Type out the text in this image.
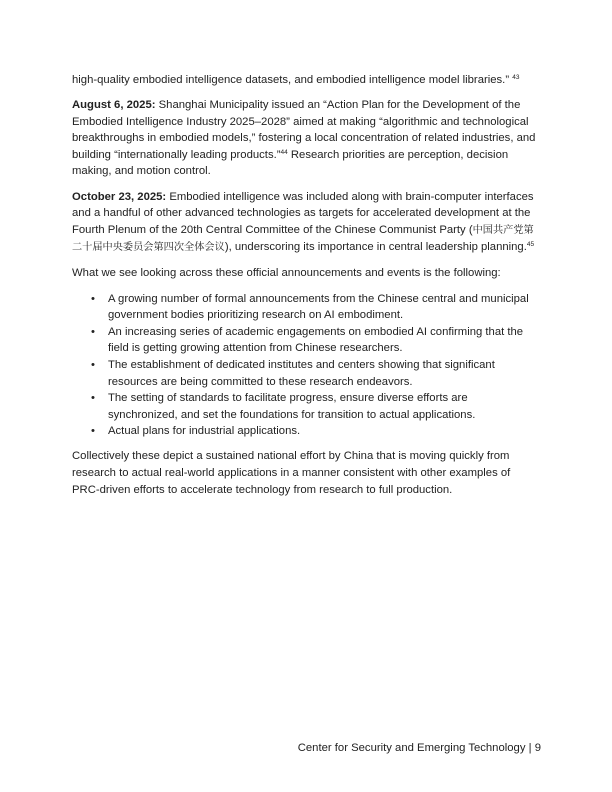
high-quality embodied intelligence datasets, and embodied intelligence model libraries.” $^{43}$

August 6, 2025: Shanghai Municipality issued an “Action Plan for the Development of the Embodied Intelligence Industry 2025–2028” aimed at making “algorithmic and technological breakthroughs in embodied models,” fostering a local concentration of related industries, and building “internationally leading products.”$^{44}$ Research priorities are perception, decision making, and motion control.

October 23, 2025: Embodied intelligence was included along with brain-computer interfaces and a handful of other advanced technologies as targets for accelerated development at the Fourth Plenum of the 20th Central Committee of the Chinese Communist Party (中国共产党第二十届中央委员会第四次全体会议), underscoring its importance in central leadership planning.$^{45}$

What we see looking across these official announcements and events is the following:

• A growing number of formal announcements from the Chinese central and municipal government bodies prioritizing research on AI embodiment.
• An increasing series of academic engagements on embodied AI confirming that the field is getting growing attention from Chinese researchers.
• The establishment of dedicated institutes and centers showing that significant resources are being committed to these research endeavors.
• The setting of standards to facilitate progress, ensure diverse efforts are synchronized, and set the foundations for transition to actual applications.
• Actual plans for industrial applications.

Collectively these depict a sustained national effort by China that is moving quickly from research to actual real-world applications in a manner consistent with other examples of PRC-driven efforts to accelerate technology from research to full production.

Center for Security and Emerging Technology | 9
